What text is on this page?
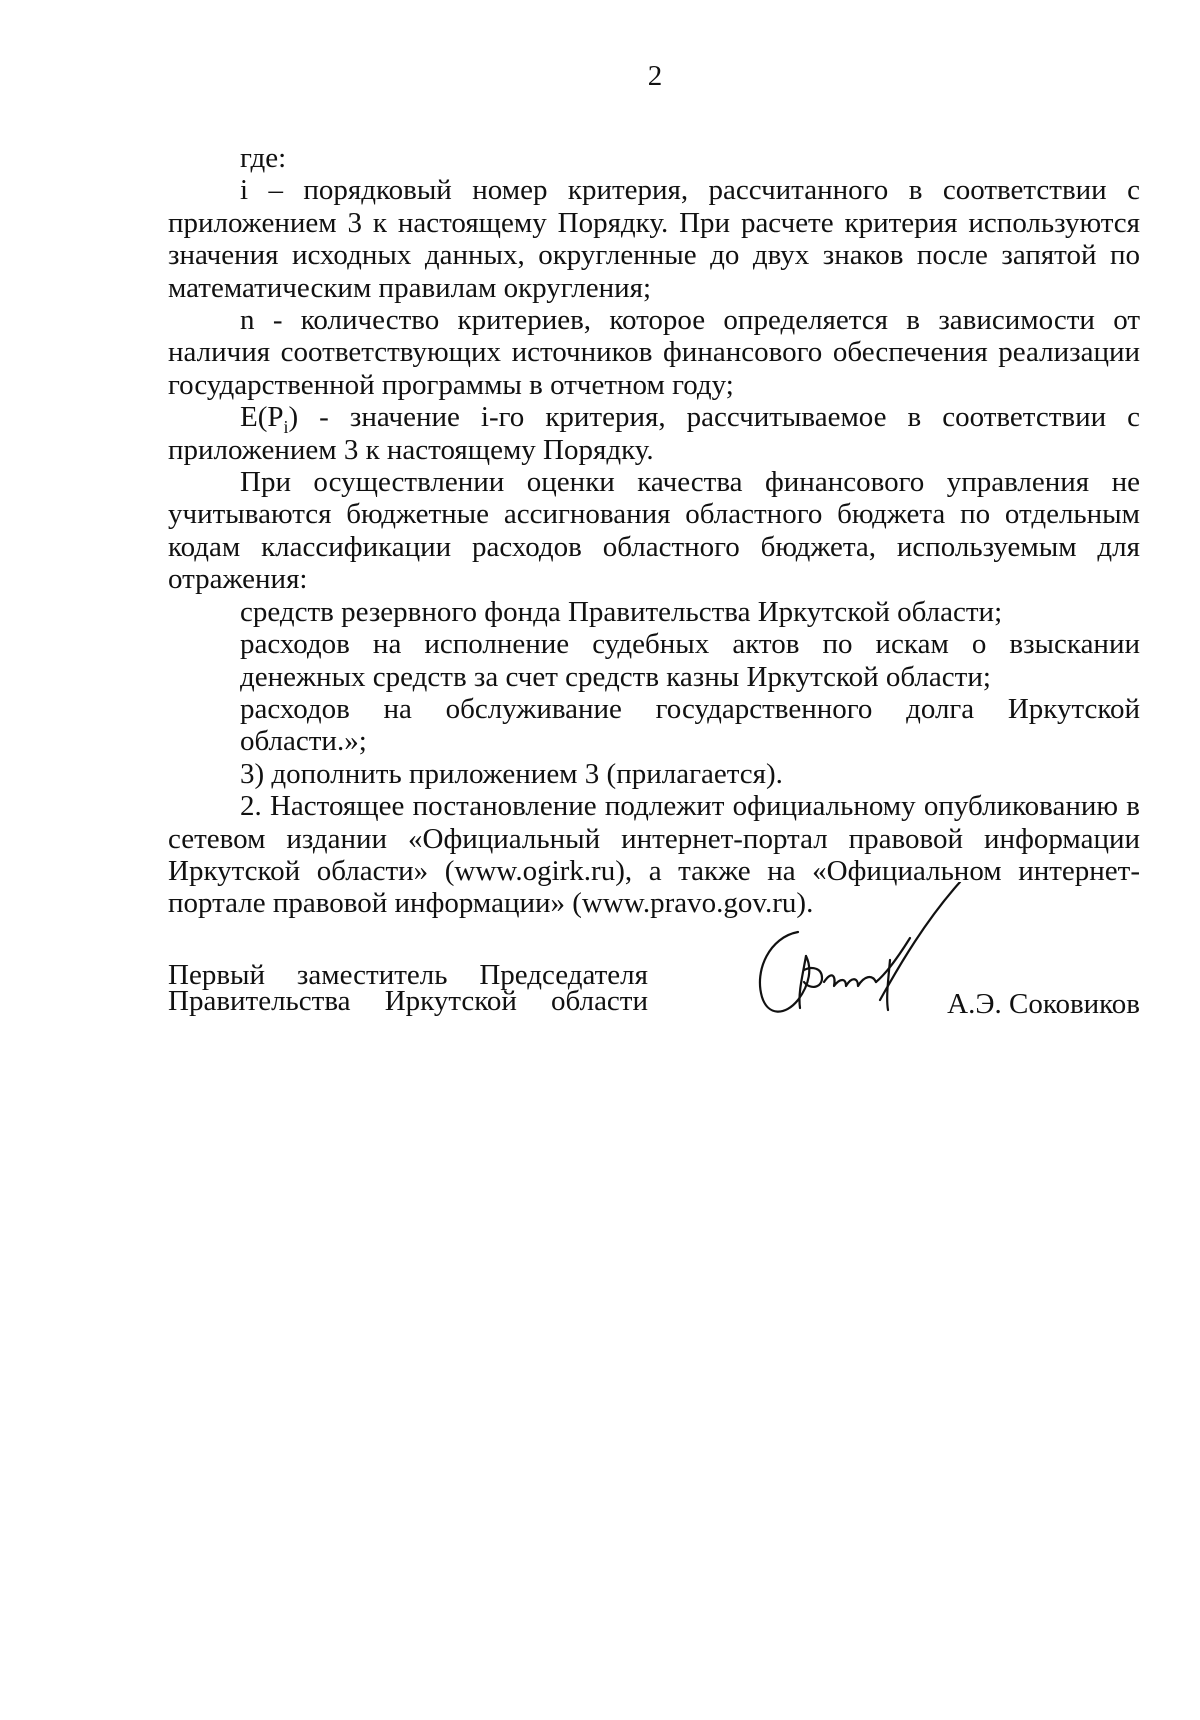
2

где:

i – порядковый номер критерия, рассчитанного в соответствии с приложением 3 к настоящему Порядку. При расчете критерия используются значения исходных данных, округленные до двух знаков после запятой по математическим правилам округления;

n - количество критериев, которое определяется в зависимости от наличия соответствующих источников финансового обеспечения реализации государственной программы в отчетном году;

$E(P_i)$ - значение i-го критерия, рассчитываемое в соответствии с приложением 3 к настоящему Порядку.

При осуществлении оценки качества финансового управления не учитываются бюджетные ассигнования областного бюджета по отдельным кодам классификации расходов областного бюджета, используемым для отражения:

средств резервного фонда Правительства Иркутской области;

расходов на исполнение судебных актов по искам о взыскании денежных средств за счет средств казны Иркутской области;

расходов на обслуживание государственного долга Иркутской области.»;

3) дополнить приложением 3 (прилагается).

2. Настоящее постановление подлежит официальному опубликованию в сетевом издании «Официальный интернет-портал правовой информации Иркутской области» (www.ogirk.ru), а также на «Официальном интернет-портале правовой информации» (www.pravo.gov.ru).

Первый заместитель Председателя
Правительства Иркутской области	А.Э. Соковиков
